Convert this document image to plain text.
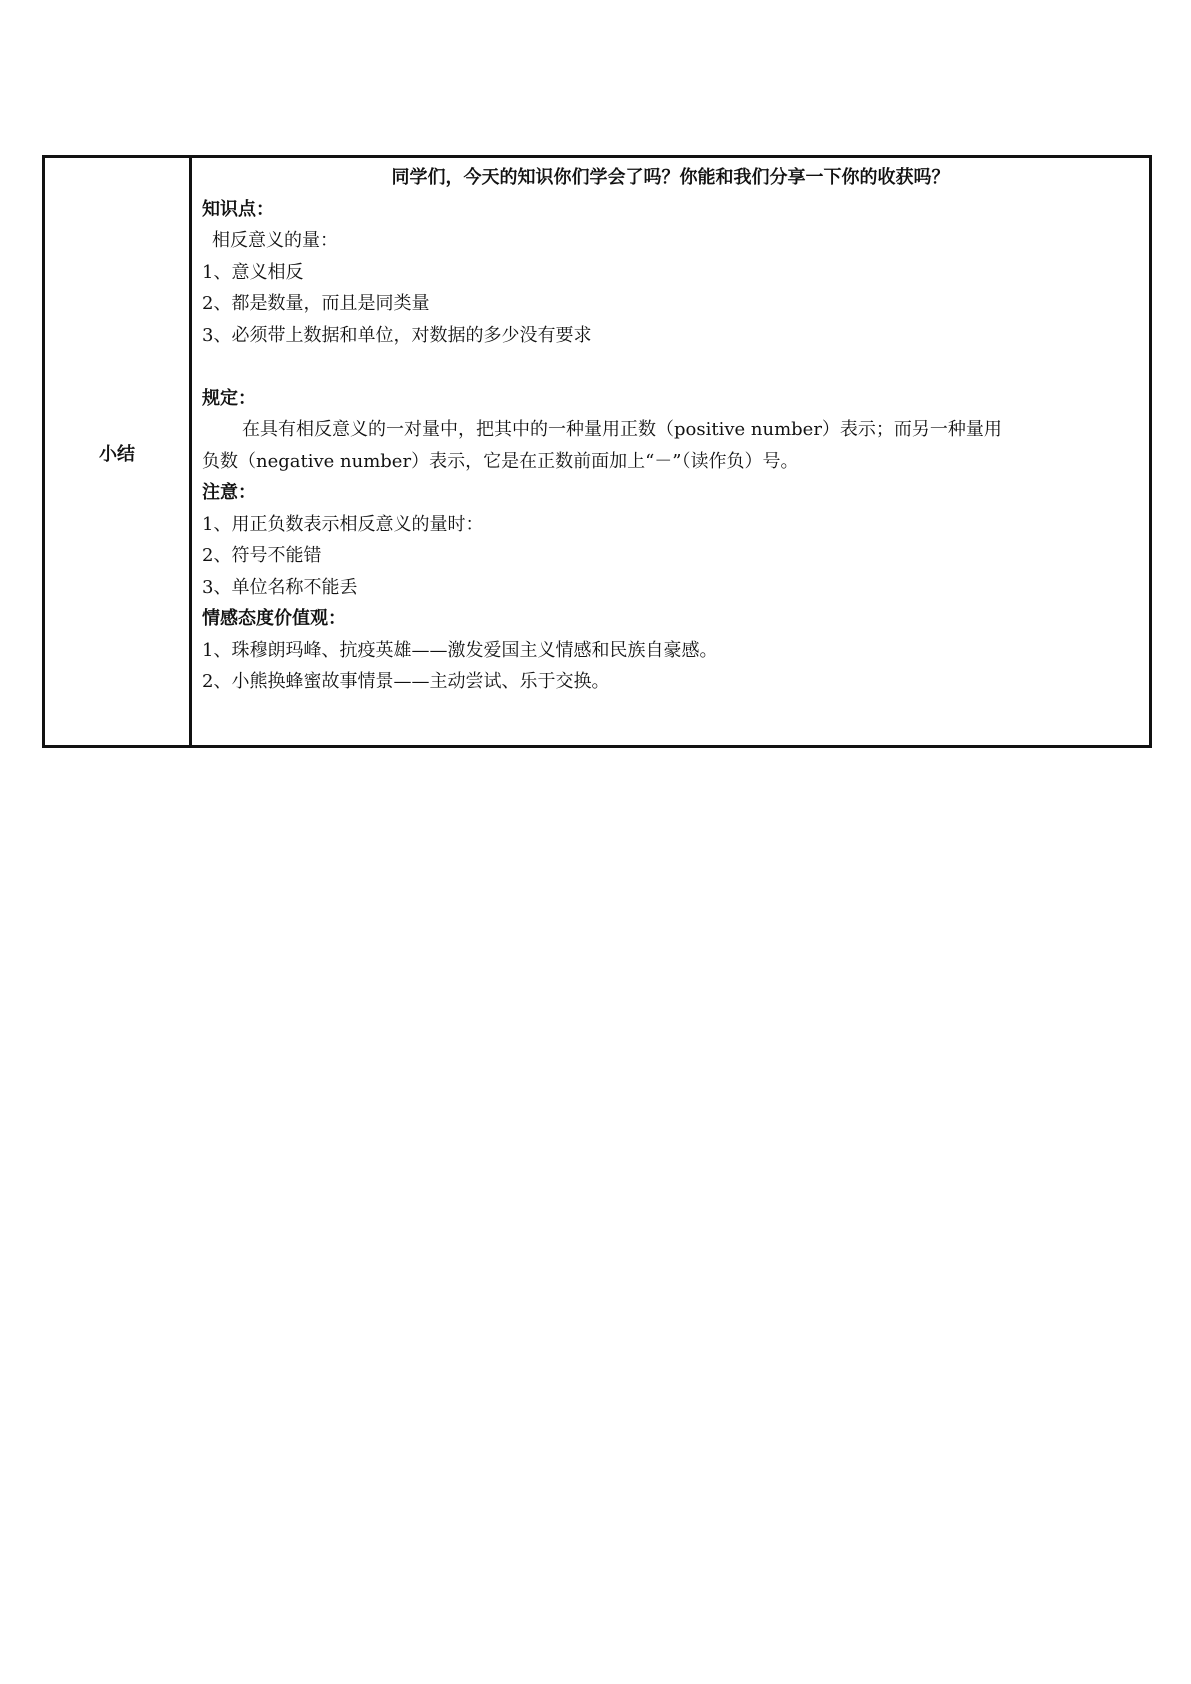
小结
同学们，今天的知识你们学会了吗？你能和我们分享一下你的收获吗？
知识点：
相反意义的量：
1、意义相反
2、都是数量，而且是同类量
3、必须带上数据和单位，对数据的多少没有要求
规定：
在具有相反意义的一对量中，把其中的一种量用正数（positive number）表示；而另一种量用
负数（negative number）表示，它是在正数前面加上“－”（读作负）号。
注意：
1、用正负数表示相反意义的量时：
2、符号不能错
3、单位名称不能丢
情感态度价值观：
1、珠穆朗玛峰、抗疫英雄——激发爱国主义情感和民族自豪感。
2、小熊换蜂蜜故事情景——主动尝试、乐于交换。
